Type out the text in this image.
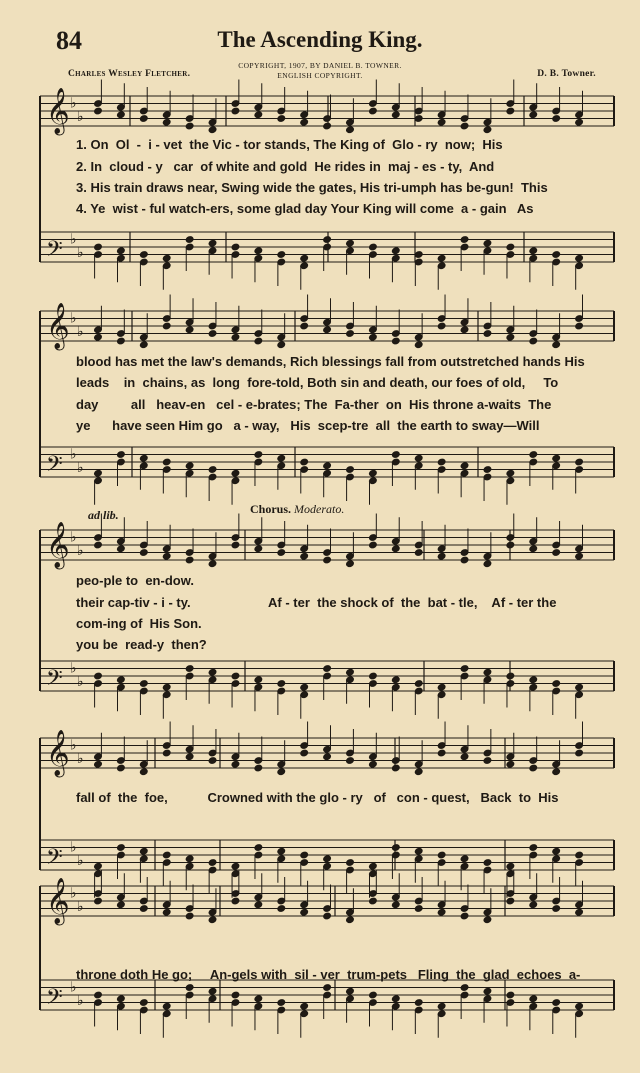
84	The Ascending King.
COPYRIGHT, 1907, BY DANIEL B. TOWNER.
ENGLISH COPYRIGHT.
Charles Wesley Fletcher.	D. B. Towner.
𝄞 ♭
♭
𝄢 ♭
♭
𝄞 ♭
♭
𝄢 ♭
♭
𝄞 ♭
♭
𝄢 ♭
♭
𝄞 ♭
♭
𝄢 ♭
♭
𝄞 ♭
♭
𝄢 ♭
♭
1. On  Ol  -  i - vet  the Vic - tor stands, The King of  Glo - ry  now;  His
2. In  cloud - y   car  of white and gold  He rides in  maj - es - ty,  And
3. His train draws near, Swing wide the gates, His tri-umph has be-gun!  This
4. Ye  wist - ful watch-ers, some glad day Your King will come  a - gain   As
blood has met the law's demands, Rich blessings fall from outstretched hands His
leads    in  chains, as  long  fore-told, Both sin and death, our foes of old,     To
day         all   heav-en   cel - e-brates; The  Fa-ther  on  His throne a-waits  The
ye      have seen Him go   a - way,   His  scep-tre  all  the earth to sway—Will
ad lib.	Chorus. Moderato.
peo-ple to  en-dow.
their cap-tiv - i - ty.
com-ing of  His Son.
you be  read-y  then?
Af - ter  the shock of  the  bat - tle,    Af - ter the
fall of  the  foe,           Crowned with the glo - ry   of   con - quest,   Back  to  His
throne doth He go;     An-gels with  sil - ver  trum-pets   Fling  the  glad  echoes  a-
